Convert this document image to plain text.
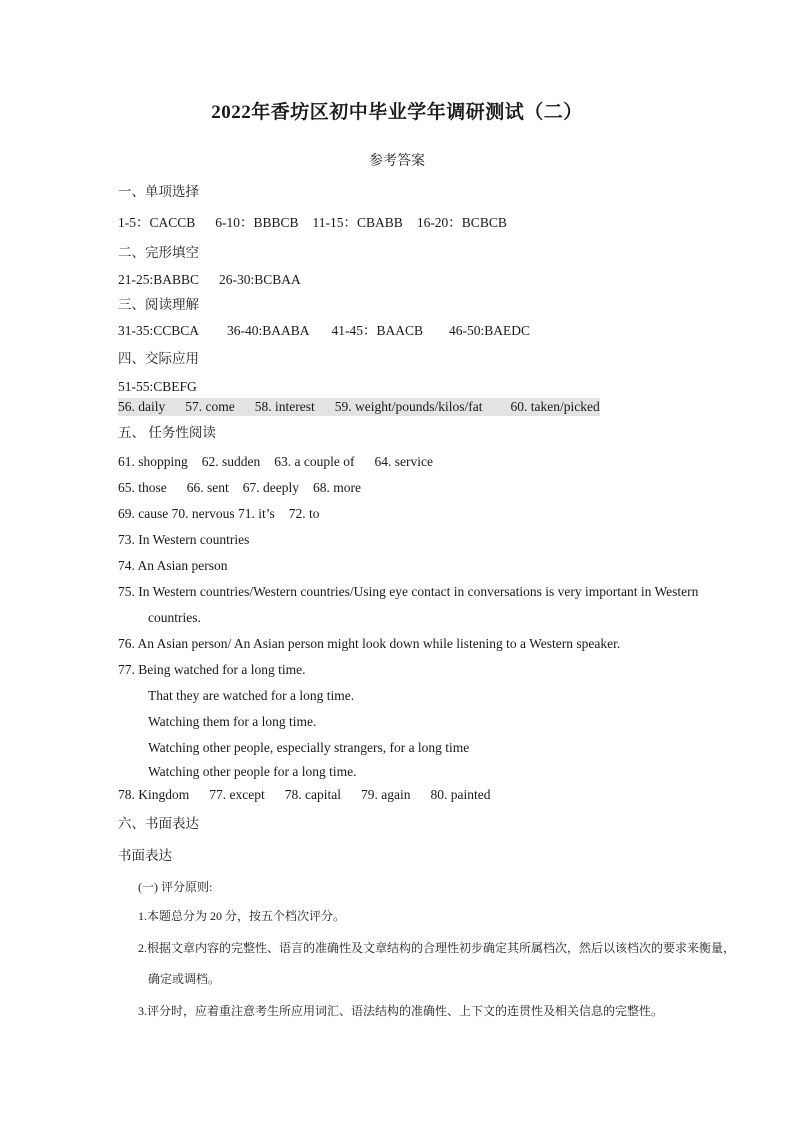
2022年香坊区初中毕业学年调研测试（二）
参考答案
一、单项选择
1-5：CACCB 6-10：BBBCB 11-15：CBABB 16-20：BCBCB
二、完形填空
21-25:BABBC 26-30:BCBAA
三、阅读理解
31-35:CCBCA 36-40:BAABA 41-45：BAACB 46-50:BAEDC
四、交际应用
51-55:CBEFG
56. daily 57. come 58. interest 59. weight/pounds/kilos/fat 60. taken/picked
五、 任务性阅读
61. shopping 62. sudden 63. a couple of 64. service
65. those 66. sent 67. deeply 68. more
69. cause 70. nervous 71. it’s 72. to
73. In Western countries
74. An Asian person
75. In Western countries/Western countries/Using eye contact in conversations is very important in Western
countries.
76. An Asian person/ An Asian person might look down while listening to a Western speaker.
77. Being watched for a long time.
That they are watched for a long time.
Watching them for a long time.
Watching other people, especially strangers, for a long time
Watching other people for a long time.
78. Kingdom 77. except 78. capital 79. again 80. painted
六、书面表达
书面表达
(一) 评分原则:
1.本题总分为 20 分，按五个档次评分。
2.根据文章内容的完整性、语言的准确性及文章结构的合理性初步确定其所属档次，然后以该档次的要求来衡量，
确定或调档。
3.评分时，应着重注意考生所应用词汇、语法结构的准确性、上下文的连贯性及相关信息的完整性。
